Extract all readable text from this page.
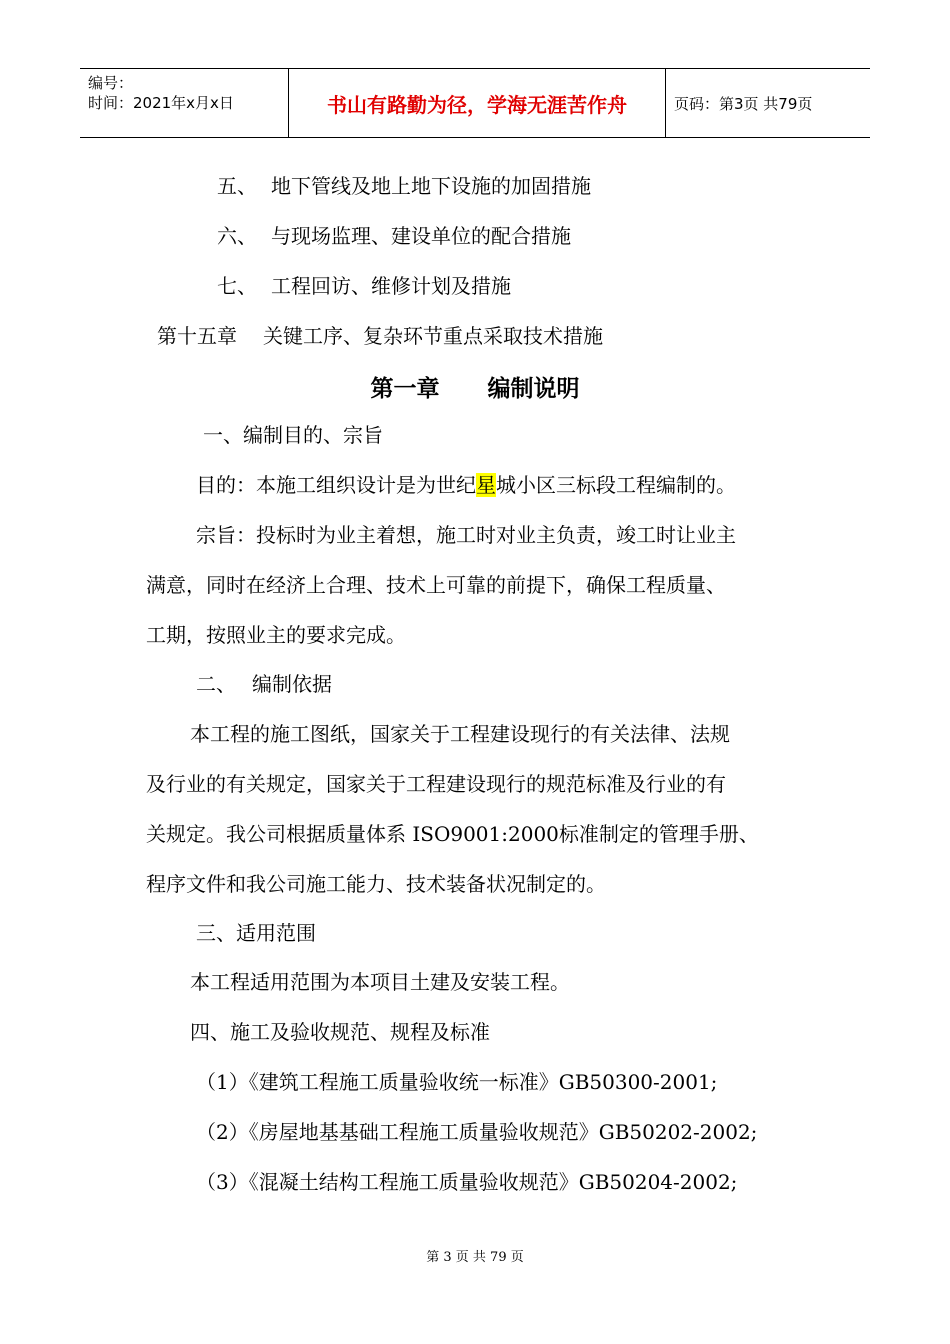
编号：
时间：2021年x月x日	书山有路勤为径，学海无涯苦作舟	页码：第3页 共79页
五、 地下管线及地上地下设施的加固措施
六、 与现场监理、建设单位的配合措施
七、 工程回访、维修计划及措施
第十五章 关键工序、复杂环节重点采取技术措施
第一章      编制说明
一、编制目的、宗旨
目的：本施工组织设计是为世纪星城小区三标段工程编制的。
宗旨：投标时为业主着想，施工时对业主负责，竣工时让业主
满意，同时在经济上合理、技术上可靠的前提下，确保工程质量、
工期，按照业主的要求完成。
二、 编制依据
本工程的施工图纸，国家关于工程建设现行的有关法律、法规
及行业的有关规定，国家关于工程建设现行的规范标准及行业的有
关规定。我公司根据质量体系 ISO9001:2000标准制定的管理手册、
程序文件和我公司施工能力、技术装备状况制定的。
三、适用范围
本工程适用范围为本项目土建及安装工程。
四、施工及验收规范、规程及标准
（1）《建筑工程施工质量验收统一标准》GB50300-2001;
（2）《房屋地基基础工程施工质量验收规范》GB50202-2002;
（3）《混凝土结构工程施工质量验收规范》GB50204-2002;
第 3 页 共 79 页
